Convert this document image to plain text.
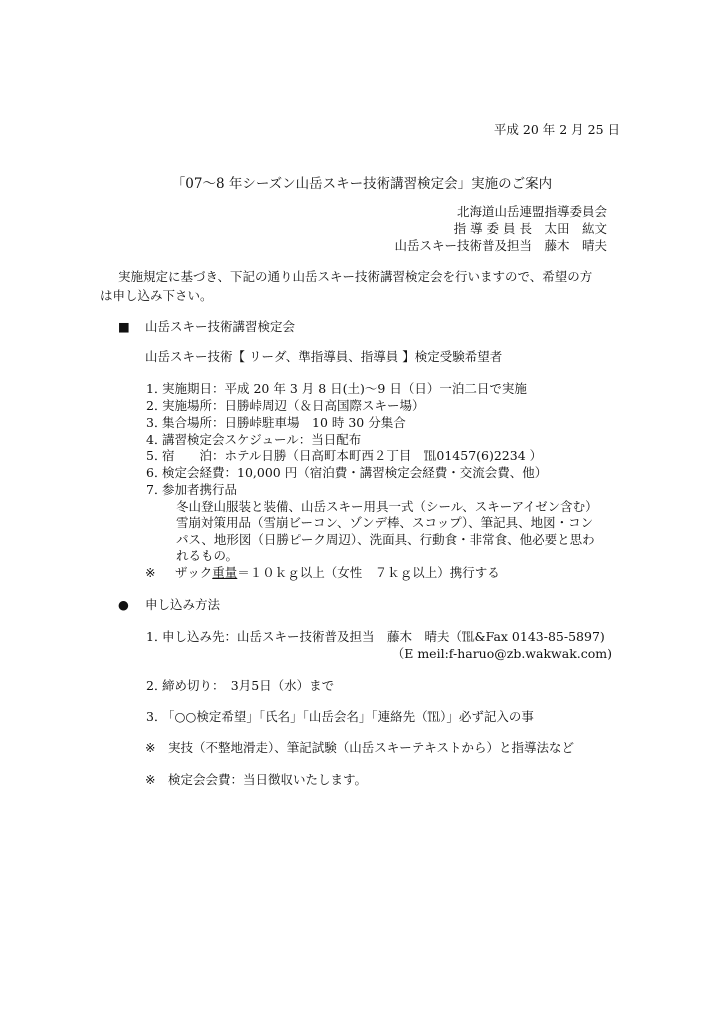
平成 20 年 2 月 25 日
「07～8 年シーズン山岳スキー技術講習検定会」実施のご案内
北海道山岳連盟指導委員会
指 導 委 員 長　太田　紘文
山岳スキー技術普及担当　藤木　晴夫
実施規定に基づき、下記の通り山岳スキー技術講習検定会を行いますので、希望の方
は申し込み下さい。
■ 山岳スキー技術講習検定会
山岳スキー技術【 リーダ、準指導員、指導員 】検定受験希望者
1．
実施期日：平成 20 年 3 月 8 日(土)～9 日（日）一泊二日で実施
2．
実施場所：日勝峠周辺（＆日高国際スキー場）
3．
集合場所：日勝峠駐車場　10 時 30 分集合
4．
講習検定会スケジュール：当日配布
5．
宿　　泊：ホテル日勝（日高町本町西２丁目　℡01457(6)2234 ）
6．
検定会経費：10,000 円（宿泊費・講習検定会経費・交流会費、他）
7．
参加者携行品
冬山登山服装と装備、山岳スキー用具一式（シール、スキーアイゼン含む）
雪崩対策用品（雪崩ビーコン、ゾンデ棒、スコップ）、筆記具、地図・コン
パス、地形図（日勝ピーク周辺）、洗面具、行動食・非常食、他必要と思わ
れるもの。
※ ザック重量＝１０ｋｇ以上（女性　７ｋｇ以上）携行する
● 申し込み方法
1．
申し込み先：山岳スキー技術普及担当　藤木　晴夫（℡&Fax 0143-85-5897)
（E meil:f-haruo@zb.wakwak.com)
2．
締め切り：　3月5日（水）まで
3．
「○○検定希望」「氏名」「山岳会名」「連絡先（℡）」必ず記入の事
※ 実技（不整地滑走）、筆記試験（山岳スキーテキストから）と指導法など
※ 検定会会費：当日徴収いたします。
